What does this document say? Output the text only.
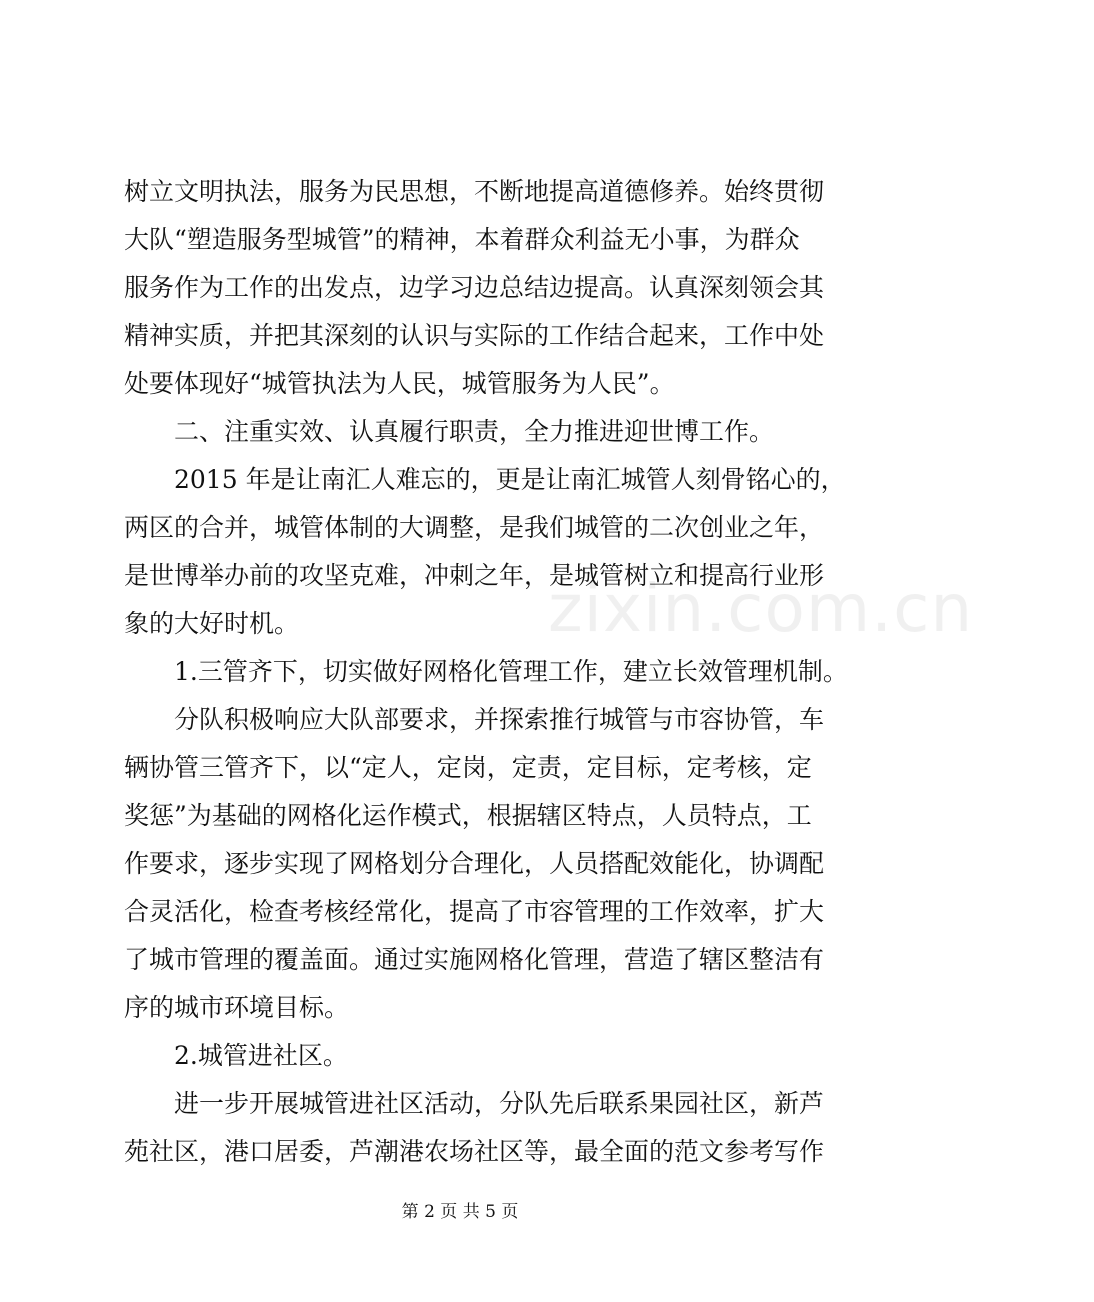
zixin.com.cn
树立文明执法，服务为民思想，不断地提高道德修养。始终贯彻
大队“塑造服务型城管”的精神，本着群众利益无小事，为群众
服务作为工作的出发点，边学习边总结边提高。认真深刻领会其
精神实质，并把其深刻的认识与实际的工作结合起来，工作中处
处要体现好“城管执法为人民，城管服务为人民”。
二、注重实效、认真履行职责，全力推进迎世博工作。
2015 年是让南汇人难忘的，更是让南汇城管人刻骨铭心的，
两区的合并，城管体制的大调整，是我们城管的二次创业之年，
是世博举办前的攻坚克难，冲刺之年，是城管树立和提高行业形
象的大好时机。
1.三管齐下，切实做好网格化管理工作，建立长效管理机制。
分队积极响应大队部要求，并探索推行城管与市容协管，车
辆协管三管齐下，以“定人，定岗，定责，定目标，定考核，定
奖惩”为基础的网格化运作模式，根据辖区特点，人员特点，工
作要求，逐步实现了网格划分合理化，人员搭配效能化，协调配
合灵活化，检查考核经常化，提高了市容管理的工作效率，扩大
了城市管理的覆盖面。通过实施网格化管理，营造了辖区整洁有
序的城市环境目标。
2.城管进社区。
进一步开展城管进社区活动，分队先后联系果园社区，新芦
苑社区，港口居委，芦潮港农场社区等，最全面的范文参考写作
第 2 页 共 5 页
